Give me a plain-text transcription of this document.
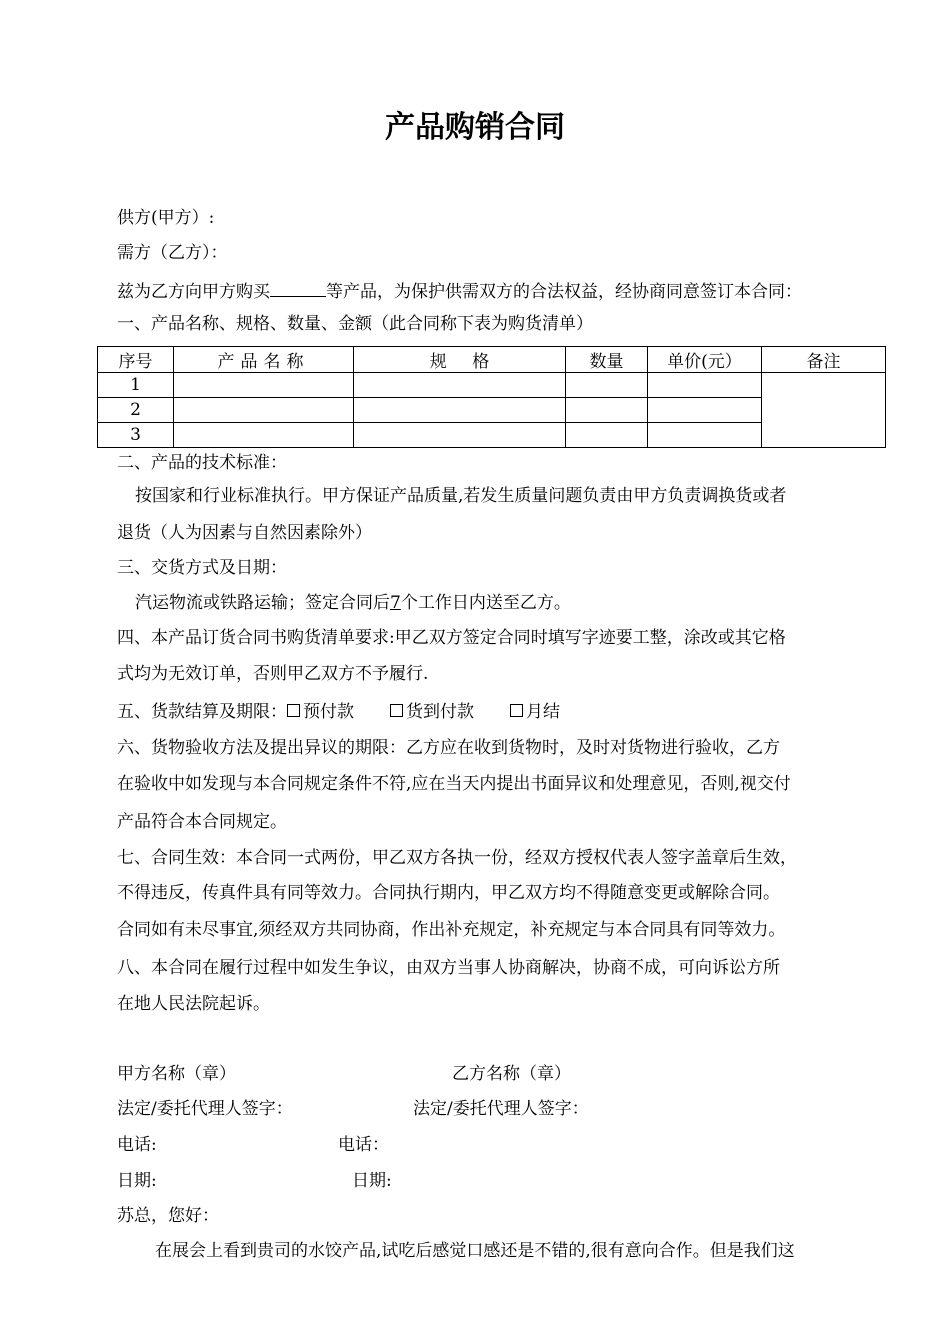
产品购销合同
供方(甲方）:
需方（乙方）：
兹为乙方向甲方购买	等产品，为保护供需双方的合法权益，经协商同意签订本合同：
一、产品名称、规格、数量、金额（此合同称下表为购货清单）
序号	产品名称	规 格	数量	单价(元）	备注
1					
2					
3					
二、产品的技术标准：
按国家和行业标准执行。甲方保证产品质量,若发生质量问题负责由甲方负责调换货或者
退货（人为因素与自然因素除外）
三、交货方式及日期：
汽运物流或铁路运输；签定合同后7个工作日内送至乙方。
四、本产品订货合同书购货清单要求:甲乙双方签定合同时填写字迹要工整，涂改或其它格
式均为无效订单，否则甲乙双方不予履行.
五、货款结算及期限： 预付款	货到付款	月结
六、货物验收方法及提出异议的期限：乙方应在收到货物时，及时对货物进行验收，乙方
在验收中如发现与本合同规定条件不符,应在当天内提出书面异议和处理意见，否则,视交付
产品符合本合同规定。
七、合同生效：本合同一式两份，甲乙双方各执一份，经双方授权代表人签字盖章后生效，
不得违反，传真件具有同等效力。合同执行期内，甲乙双方均不得随意变更或解除合同。
合同如有未尽事宜,须经双方共同协商，作出补充规定，补充规定与本合同具有同等效力。
八、本合同在履行过程中如发生争议，由双方当事人协商解决，协商不成，可向诉讼方所
在地人民法院起诉。
甲方名称（章）	乙方名称（章）
法定/委托代理人签字：	法定/委托代理人签字：
电话:	电话：
日期:	日期:
苏总，您好：
在展会上看到贵司的水饺产品,试吃后感觉口感还是不错的,很有意向合作。但是我们这
